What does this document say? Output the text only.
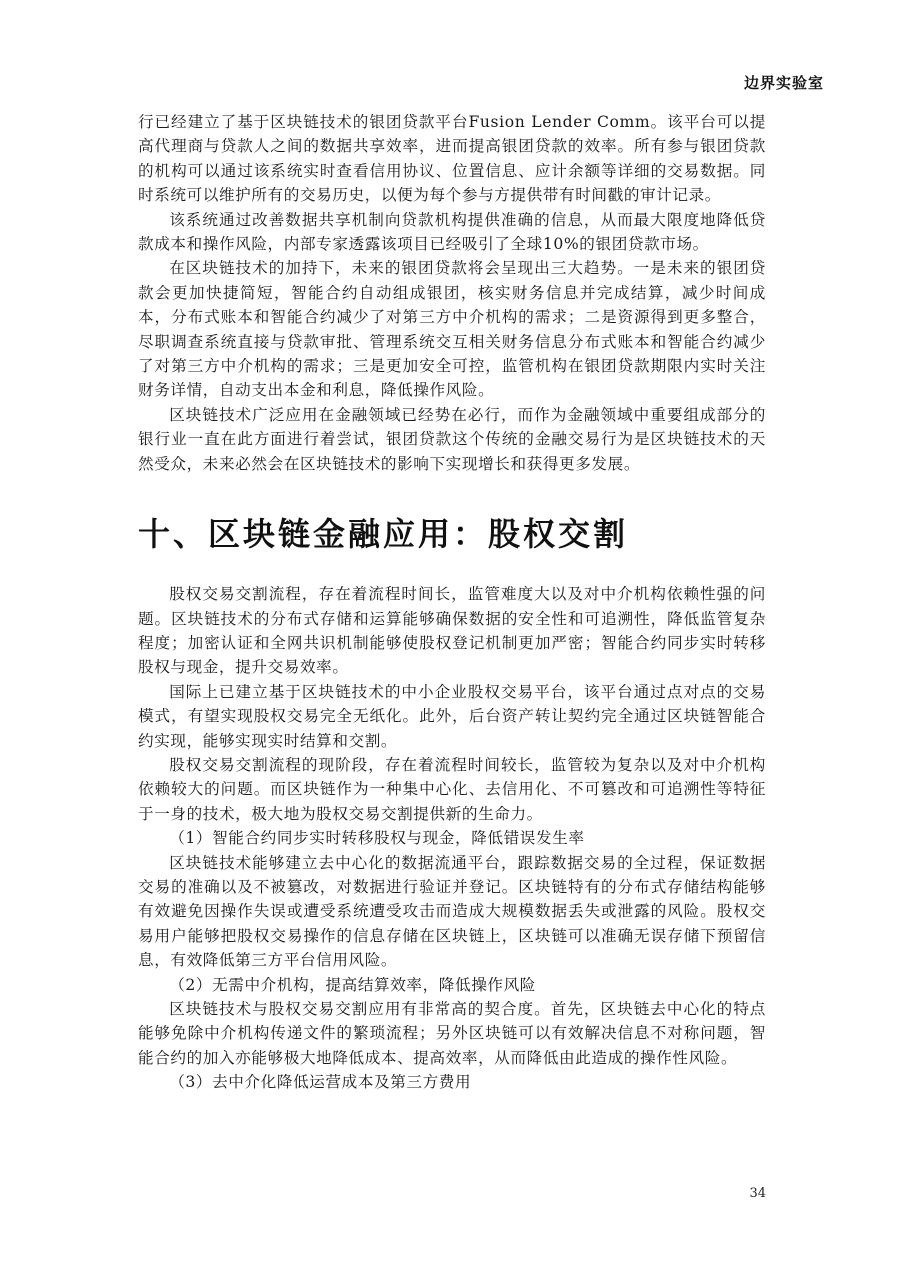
边界实验室

行已经建立了基于区块链技术的银团贷款平台Fusion Lender Comm。该平台可以提高代理商与贷款人之间的数据共享效率，进而提高银团贷款的效率。所有参与银团贷款的机构可以通过该系统实时查看信用协议、位置信息、应计余额等详细的交易数据。同时系统可以维护所有的交易历史，以便为每个参与方提供带有时间戳的审计记录。

该系统通过改善数据共享机制向贷款机构提供准确的信息，从而最大限度地降低贷款成本和操作风险，内部专家透露该项目已经吸引了全球10%的银团贷款市场。

在区块链技术的加持下，未来的银团贷款将会呈现出三大趋势。一是未来的银团贷款会更加快捷简短，智能合约自动组成银团，核实财务信息并完成结算，减少时间成本，分布式账本和智能合约减少了对第三方中介机构的需求；二是资源得到更多整合，尽职调查系统直接与贷款审批、管理系统交互相关财务信息分布式账本和智能合约减少了对第三方中介机构的需求；三是更加安全可控，监管机构在银团贷款期限内实时关注财务详情，自动支出本金和利息，降低操作风险。

区块链技术广泛应用在金融领域已经势在必行，而作为金融领域中重要组成部分的银行业一直在此方面进行着尝试，银团贷款这个传统的金融交易行为是区块链技术的天然受众，未来必然会在区块链技术的影响下实现增长和获得更多发展。

十、区块链金融应用：股权交割

股权交易交割流程，存在着流程时间长，监管难度大以及对中介机构依赖性强的问题。区块链技术的分布式存储和运算能够确保数据的安全性和可追溯性，降低监管复杂程度；加密认证和全网共识机制能够使股权登记机制更加严密；智能合约同步实时转移股权与现金，提升交易效率。

国际上已建立基于区块链技术的中小企业股权交易平台，该平台通过点对点的交易模式，有望实现股权交易完全无纸化。此外，后台资产转让契约完全通过区块链智能合约实现，能够实现实时结算和交割。

股权交易交割流程的现阶段，存在着流程时间较长，监管较为复杂以及对中介机构依赖较大的问题。而区块链作为一种集中心化、去信用化、不可篡改和可追溯性等特征于一身的技术，极大地为股权交易交割提供新的生命力。

（1）智能合约同步实时转移股权与现金，降低错误发生率

区块链技术能够建立去中心化的数据流通平台，跟踪数据交易的全过程，保证数据交易的准确以及不被篡改，对数据进行验证并登记。区块链特有的分布式存储结构能够有效避免因操作失误或遭受系统遭受攻击而造成大规模数据丢失或泄露的风险。股权交易用户能够把股权交易操作的信息存储在区块链上，区块链可以准确无误存储下预留信息，有效降低第三方平台信用风险。

（2）无需中介机构，提高结算效率，降低操作风险

区块链技术与股权交易交割应用有非常高的契合度。首先，区块链去中心化的特点能够免除中介机构传递文件的繁琐流程；另外区块链可以有效解决信息不对称问题，智能合约的加入亦能够极大地降低成本、提高效率，从而降低由此造成的操作性风险。

（3）去中介化降低运营成本及第三方费用

34
